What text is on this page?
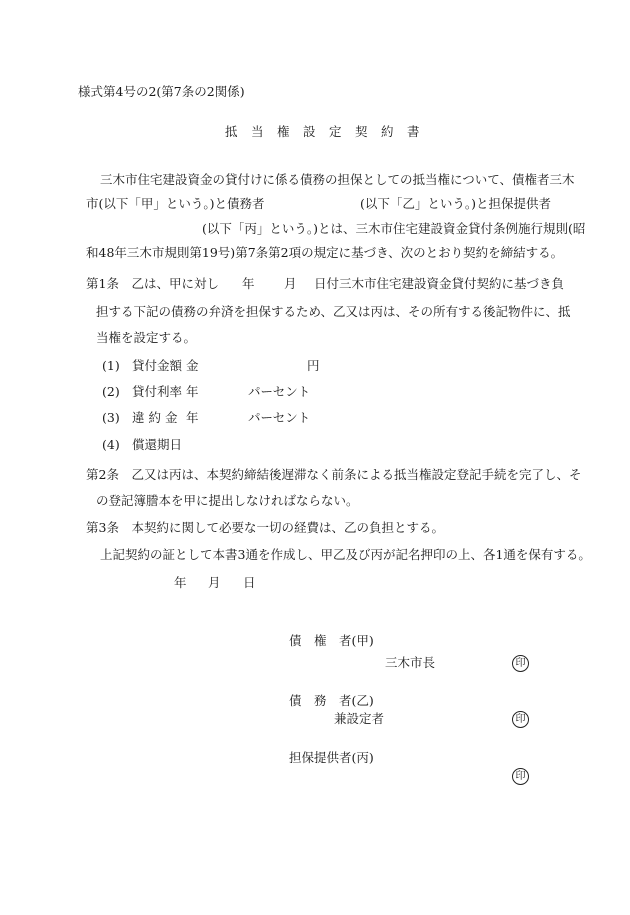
様式第4号の2(第7条の2関係)
抵　当　権　設　定　契　約　書
三木市住宅建設資金の貸付けに係る債務の担保としての抵当権について、債権者三木
市(以下「甲」という。)と債務者	(以下「乙」という。)と担保提供者
(以下「丙」という。)とは、三木市住宅建設資金貸付条例施行規則(昭
和48年三木市規則第19号)第7条第2項の規定に基づき、次のとおり契約を締結する。
第1条　乙は、甲に対し 年 月 日付三木市住宅建設資金貸付契約に基づき負
担する下記の債務の弁済を担保するため、乙又は丙は、その所有する後記物件に、抵
当権を設定する。
(1) 貸付金額 金	円
(2) 貸付利率 年	パーセント
(3) 違 約 金 年	パーセント
(4) 償還期日
第2条　乙又は丙は、本契約締結後遅滞なく前条による抵当権設定登記手続を完了し、そ
の登記簿謄本を甲に提出しなければならない。
第3条　本契約に関して必要な一切の経費は、乙の負担とする。
上記契約の証として本書3通を作成し、甲乙及び丙が記名押印の上、各1通を保有する。
年 月 日
債　権　者(甲)
三木市長	印
債　務　者(乙)
兼設定者	印
担保提供者(丙)
印
